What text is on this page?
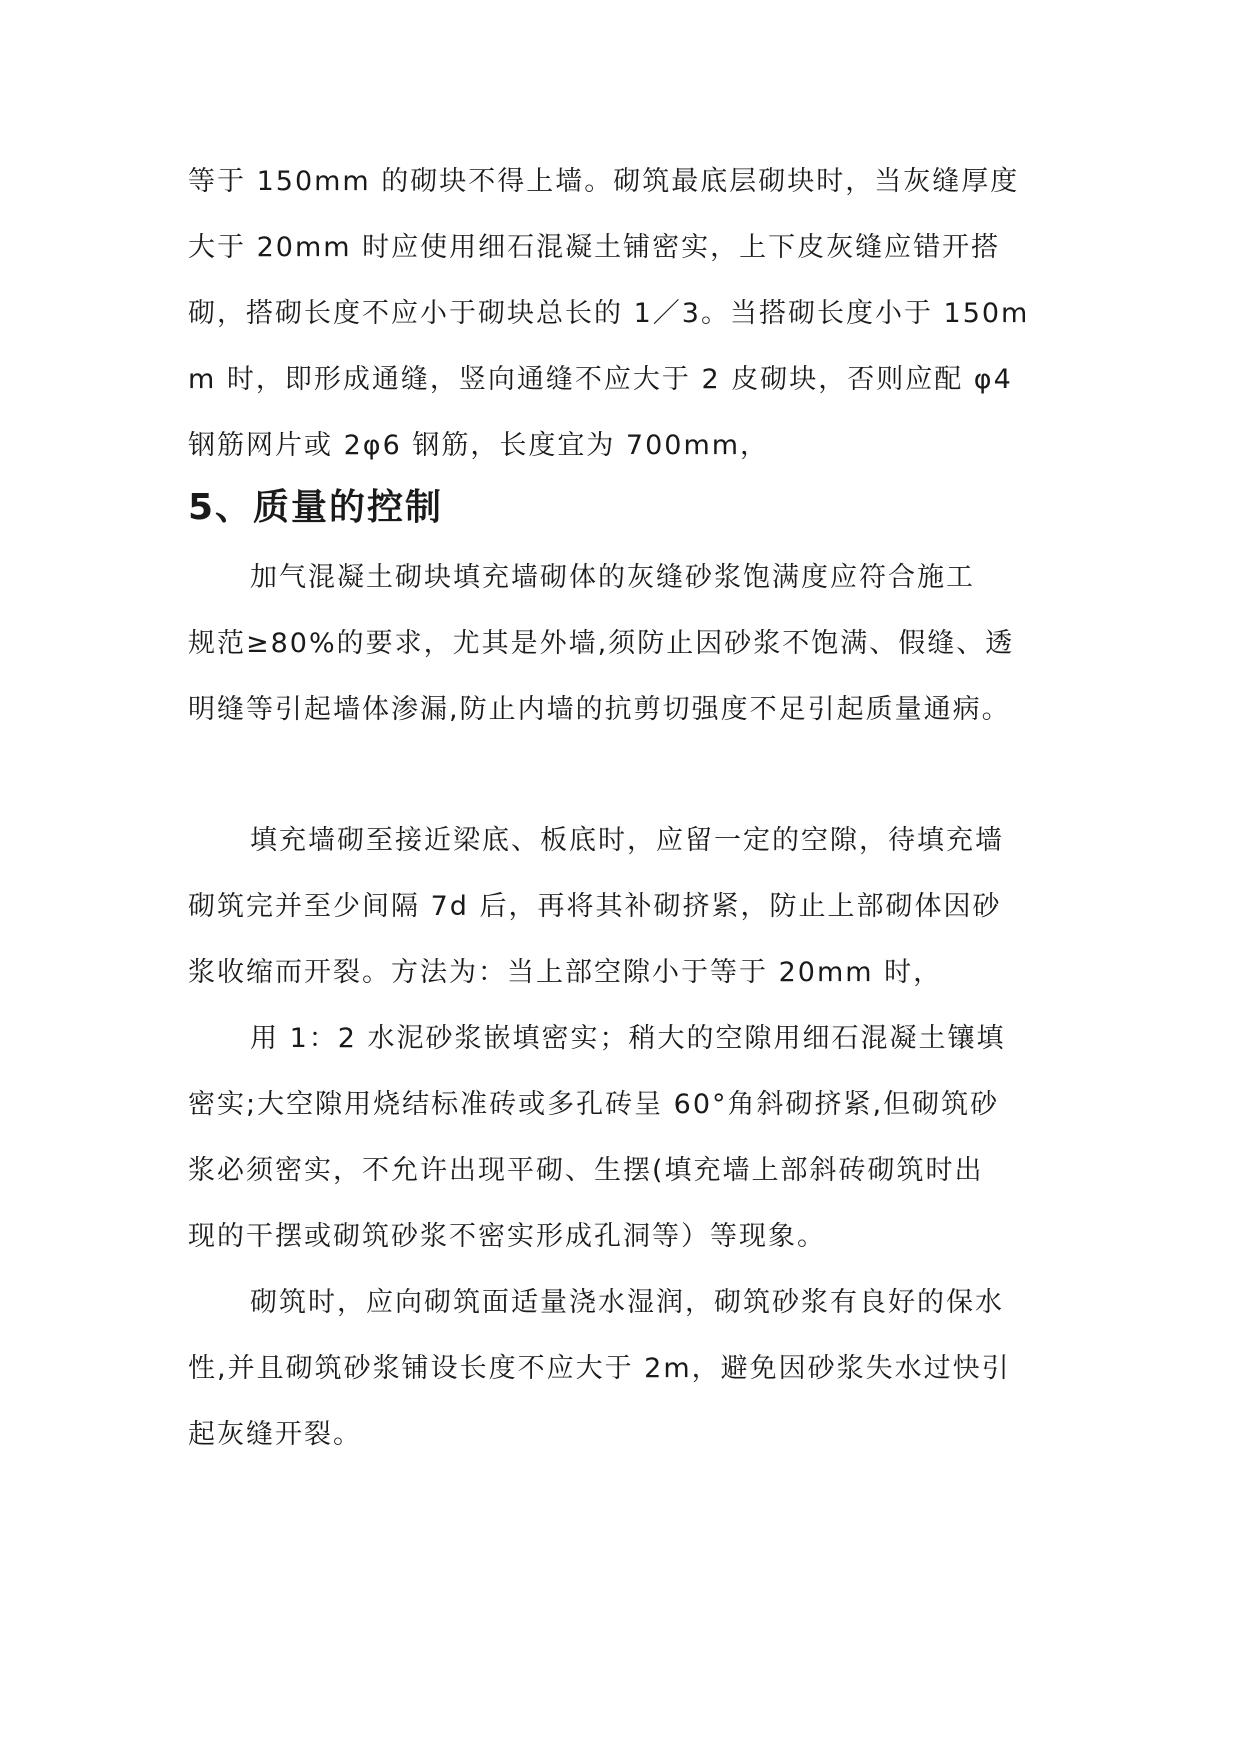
等于 150mm 的砌块不得上墙。砌筑最底层砌块时，当灰缝厚度
大于 20mm 时应使用细石混凝土铺密实，上下皮灰缝应错开搭
砌，搭砌长度不应小于砌块总长的 1／3。当搭砌长度小于 150m
m 时，即形成通缝，竖向通缝不应大于 2 皮砌块，否则应配 φ4
钢筋网片或 2φ6 钢筋，长度宜为 700mm，
5、质量的控制
加气混凝土砌块填充墙砌体的灰缝砂浆饱满度应符合施工
规范≥80%的要求，尤其是外墙,须防止因砂浆不饱满、假缝、透
明缝等引起墙体渗漏,防止内墙的抗剪切强度不足引起质量通病。
填充墙砌至接近梁底、板底时，应留一定的空隙，待填充墙
砌筑完并至少间隔 7d 后，再将其补砌挤紧，防止上部砌体因砂
浆收缩而开裂。方法为：当上部空隙小于等于 20mm 时，
用 1：2 水泥砂浆嵌填密实；稍大的空隙用细石混凝土镶填
密实;大空隙用烧结标准砖或多孔砖呈 60°角斜砌挤紧,但砌筑砂
浆必须密实，不允许出现平砌、生摆(填充墙上部斜砖砌筑时出
现的干摆或砌筑砂浆不密实形成孔洞等）等现象。
砌筑时，应向砌筑面适量浇水湿润，砌筑砂浆有良好的保水
性,并且砌筑砂浆铺设长度不应大于 2m，避免因砂浆失水过快引
起灰缝开裂。
